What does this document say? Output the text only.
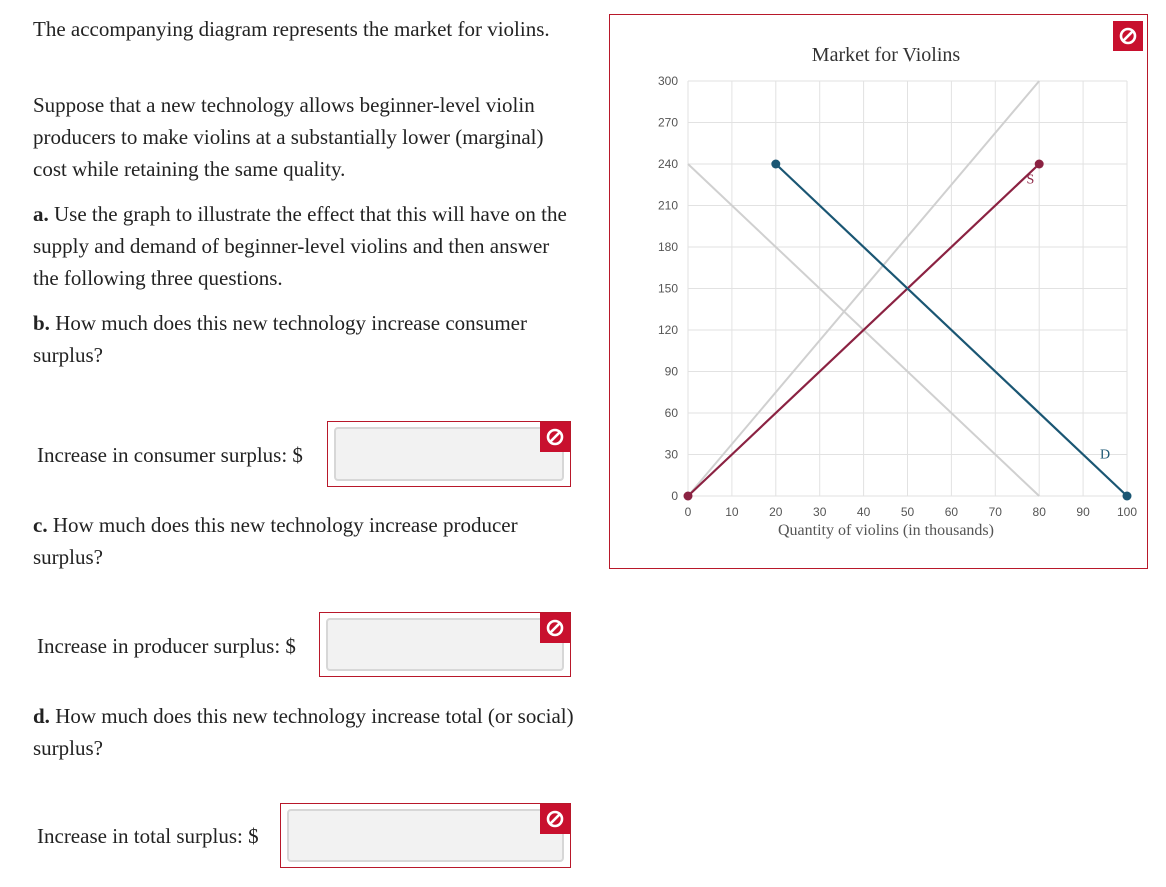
The accompanying diagram represents the market for violins.

Suppose that a new technology allows beginner-level violin producers to make violins at a substantially lower (marginal) cost while retaining the same quality.

a. Use the graph to illustrate the effect that this will have on the supply and demand of beginner-level violins and then answer the following three questions.

b. How much does this new technology increase consumer surplus?

Increase in consumer surplus: $

c. How much does this new technology increase producer surplus?

Increase in producer surplus: $

d. How much does this new technology increase total (or social) surplus?

Increase in total surplus: $
0	10	20	30	40	50	60	70	80	90 100
0
30
60
90
120
150
180
210
240
270
300
S
D
Market for Violins
Quantity of violins (in thousands)
